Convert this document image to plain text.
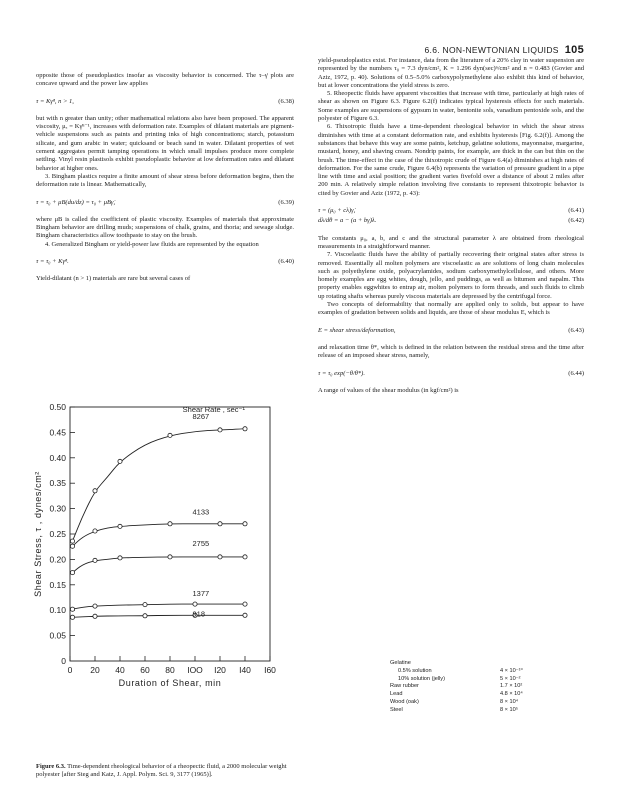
6.6. NON-NEWTONIAN LIQUIDS 105

opposite those of pseudoplastics insofar as viscosity behavior is concerned. The τ–γ̇ plots are concave upward and the power law applies

τ = Kγ̇ⁿ, n > 1,	(6.38)

but with n greater than unity; other mathematical relations also have been proposed. The apparent viscosity, μₐ = Kγ̇ⁿ⁻¹, increases with deformation rate. Examples of dilatant materials are pigment-vehicle suspensions such as paints and printing inks of high concentrations; starch, potassium silicate, and gum arabic in water; quicksand or beach sand in water. Dilatant properties of wet cement aggregates permit tamping operations in which small impulses produce more complete settling. Vinyl resin plastisols exhibit pseudoplastic behavior at low deformation rates and dilatant behavior at higher ones.

3. Bingham plastics require a finite amount of shear stress before deformation begins, then the deformation rate is linear. Mathematically,

τ = τ₀ + μB(du/dz) = τ₀ + μBγ̇,	(6.39)

where μB is called the coefficient of plastic viscosity. Examples of materials that approximate Bingham behavior are drilling muds; suspensions of chalk, grains, and thoria; and sewage sludge. Bingham characteristics allow toothpaste to stay on the brush.

4. Generalized Bingham or yield-power law fluids are represented by the equation

τ = τ₀ + Kγ̇ⁿ.	(6.40)

Yield-dilatant (n > 1) materials are rare but several cases of

0.05
0.10
0.15
0.20
0.25
0.30
0.35
0.40
0.45
0.50
0
0 20 40 60 80 IOO I20 I40 I60
Duration of Shear, min
Shear Stress, τ , dynes/cm²
Shear Rate , sec⁻¹
8267
4133
2755
1377
918
Figure 6.3. Time-dependent rheological behavior of a rheopectic fluid, a 2000 molecular weight polyester [after Steg and Katz, J. Appl. Polym. Sci. 9, 3177 (1965)].

yield-pseudoplastics exist. For instance, data from the literature of a 20% clay in water suspension are represented by the numbers τ₀ = 7.3 dyn/cm², K = 1.296 dyn(sec)ⁿ/cm² and n = 0.483 (Govier and Aziz, 1972, p. 40). Solutions of 0.5–5.0% carboxypolymethylene also exhibit this kind of behavior, but at lower concentrations the yield stress is zero.

5. Rheopectic fluids have apparent viscosities that increase with time, particularly at high rates of shear as shown on Figure 6.3. Figure 6.2(f) indicates typical hysteresis effects for such materials. Some examples are suspensions of gypsum in water, bentonite sols, vanadium pentoxide sols, and the polyester of Figure 6.3.

6. Thixotropic fluids have a time-dependent rheological behavior in which the shear stress diminishes with time at a constant deformation rate, and exhibits hysteresis [Fig. 6.2(f)]. Among the substances that behave this way are some paints, ketchup, gelatine solutions, mayonnaise, margarine, mustard, honey, and shaving cream. Nondrip paints, for example, are thick in the can but thin on the brush. The time-effect in the case of the thixotropic crude of Figure 6.4(a) diminishes at high rates of deformation. For the same crude, Figure 6.4(b) represents the variation of pressure gradient in a pipe line with time and axial position; the gradient varies fivefold over a distance of about 2 miles after 200 min. A relatively simple relation involving five constants to represent thixotropic behavior is cited by Govier and Aziz (1972, p. 43):

τ = (μ₀ + cλ)γ̇,	(6.41)
dλ/dθ = a − (a + bγ̇)λ.	(6.42)

The constants μ₀, a, b, and c and the structural parameter λ are obtained from rheological measurements in a straightforward manner.

7. Viscoelastic fluids have the ability of partially recovering their original states after stress is removed. Essentially all molten polymers are viscoelastic as are solutions of long chain molecules such as polyethylene oxide, polyacrylamides, sodium carboxymethylcellulose, and others. More homely examples are egg whites, dough, jello, and puddings, as well as bitumen and napalm. This property enables eggwhites to entrap air, molten polymers to form threads, and such fluids to climb up rotating shafts whereas purely viscous materials are depressed by the centrifugal force.

Two concepts of deformability that normally are applied only to solids, but appear to have examples of gradation between solids and liquids, are those of shear modulus E, which is

E = shear stress/deformation,	(6.43)

and relaxation time θ*, which is defined in the relation between the residual stress and the time after release of an imposed shear stress, namely,

τ = τ₀ exp(−θ/θ*).	(6.44)

A range of values of the shear modulus (in kgf/cm²) is

Gelatine
0.5% solution	4 × 10⁻¹⁰
10% solution (jelly)	5 × 10⁻²
Raw rubber	1.7 × 10²
Lead	4.8 × 10⁴
Wood (oak)	8 × 10⁴
Steel	8 × 10⁵
